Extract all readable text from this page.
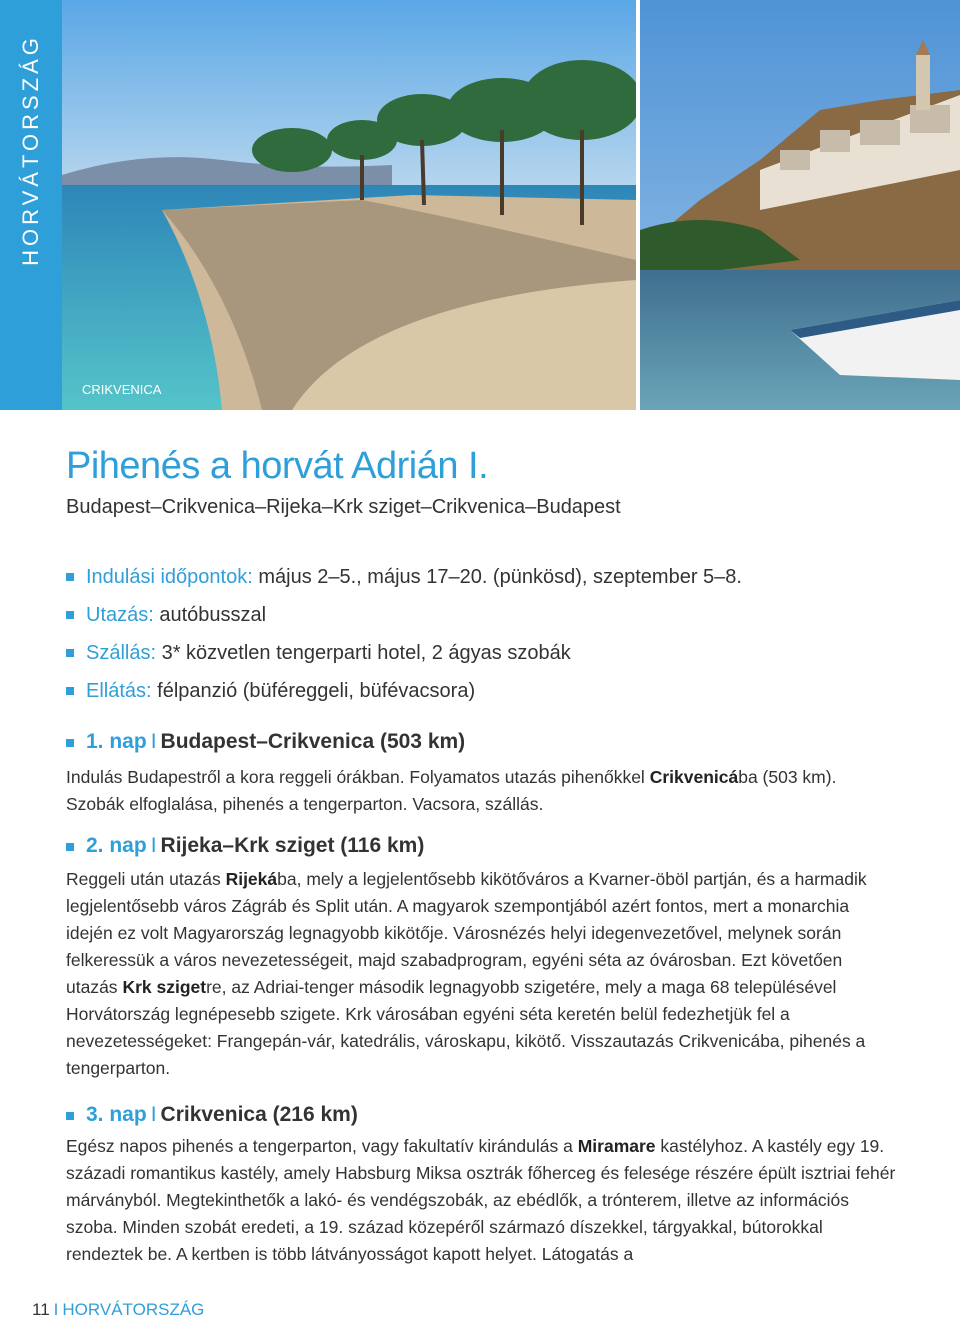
HORVÁTORSZÁG
CRIKVENICA
Pihenés a horvát Adrián I.
Budapest–Crikvenica–Rijeka–Krk sziget–Crikvenica–Budapest
Indulási időpontok: május 2–5., május 17–20. (pünkösd), szeptember 5–8.
Utazás: autóbusszal
Szállás: 3* közvetlen tengerparti hotel, 2 ágyas szobák
Ellátás: félpanzió (büféreggeli, büfévacsora)
1. nap I Budapest–Crikvenica (503 km)

Indulás Budapestről a kora reggeli órákban. Folyamatos utazás pihenőkkel Crikvenicába (503 km). Szobák elfoglalása, pihenés a tengerparton. Vacsora, szállás.

2. nap I Rijeka–Krk sziget (116 km)

Reggeli után utazás Rijekába, mely a legjelentősebb kikötőváros a Kvarner-öböl partján, és a harmadik legjelentősebb város Zágráb és Split után. A magyarok szempontjából azért fontos, mert a monarchia idején ez volt Magyarország legnagyobb kikötője. Városnézés helyi idegenvezetővel, melynek során felkeressük a város nevezetességeit, majd szabadprogram, egyéni séta az óvárosban. Ezt követően utazás Krk szigetre, az Adriai-tenger második legnagyobb szigetére, mely a maga 68 településével Horvátország legnépesebb szigete. Krk városában egyéni séta keretén belül fedezhetjük fel a nevezetességeket: Frangepán-vár, katedrális, városkapu, kikötő. Visszautazás Crikvenicába, pihenés a tengerparton.

3. nap I Crikvenica (216 km)

Egész napos pihenés a tengerparton, vagy fakultatív kirándulás a Miramare kastélyhoz. A kastély egy 19. századi romantikus kastély, amely Habsburg Miksa osztrák főherceg és felesége részére épült isztriai fehér márványból. Megtekinthetők a lakó- és vendégszobák, az ebédlők, a trónterem, illetve az információs szoba. Minden szobát eredeti, a 19. század közepéről származó díszekkel, tárgyakkal, bútorokkal rendeztek be. A kertben is több látványosságot kapott helyet. Látogatás a

11 I HORVÁTORSZÁG
